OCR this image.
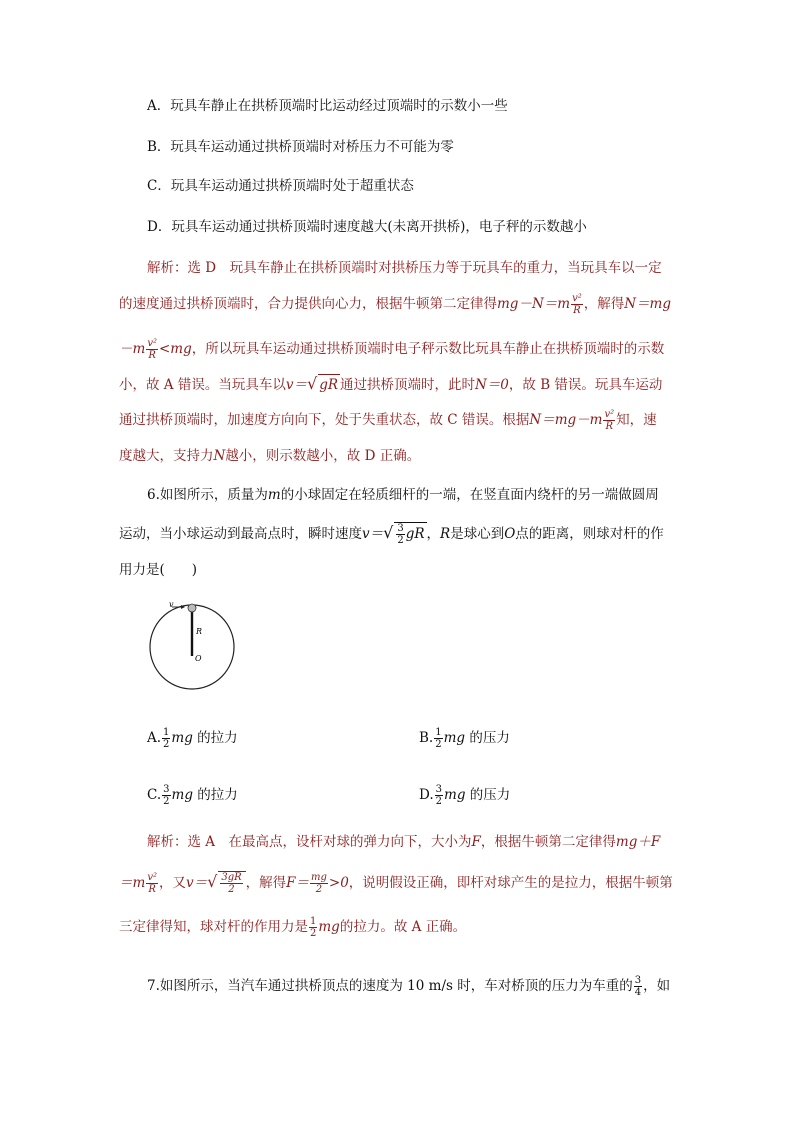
A．玩具车静止在拱桥顶端时比运动经过顶端时的示数小一些
B．玩具车运动通过拱桥顶端时对桥压力不可能为零
C．玩具车运动通过拱桥顶端时处于超重状态
D．玩具车运动通过拱桥顶端时速度越大(未离开拱桥)，电子秤的示数越小
解析：选 D　玩具车静止在拱桥顶端时对拱桥压力等于玩具车的重力，当玩具车以一定
的速度通过拱桥顶端时，合力提供向心力，根据牛顿第二定律得$mg-N=m \frac{\text{v²}}{R}$ ，解得N＝mg
$-m \frac{\text{v²}}{R} <mg$，所以玩具车运动通过拱桥顶端时电子秤示数比玩具车静止在拱桥顶端时的示数
小，故 A 错误。当玩具车以v＝√ gR 通过拱桥顶端时，此时N＝0，故 B 错误。玩具车运动
通过拱桥顶端时，加速度方向向下，处于失重状态，故 C 错误。根据$N=mg-m \frac{\text{v²}}{R}$ 知，速
度越大，支持力N越小，则示数越小，故 D 正确。
6.如图所示，质量为m的小球固定在轻质细杆的一端，在竖直面内绕杆的另一端做圆周
运动，当小球运动到最高点时，瞬时速度$v=√ \frac{3}{2}$ gR ，R是球心到O点的距离，则球对杆的作
用力是(　　)
v
R
O
A. $\frac{1}{2}$ mg 的拉力	B. $\frac{1}{2}$ mg 的压力
C. $\frac{3}{2}$ mg 的拉力	D. $\frac{3}{2}$ mg 的压力
解析：选 A　在最高点，设杆对球的弹力向下，大小为F，根据牛顿第二定律得mg＋F
$=m \frac{\text{v²}}{R}$ ，又$v=√ \frac{3gR}{2}$ ，解得$F= \frac{mg}{2} >0$，说明假设正确，即杆对球产生的是拉力，根据牛顿第
三定律得知，球对杆的作用力是 $\frac{1}{2}$ mg的拉力。故 A 正确。
7.如图所示，当汽车通过拱桥顶点的速度为 10 m/s 时，车对桥顶的压力为车重的 $\frac{3}{4}$ ，如
